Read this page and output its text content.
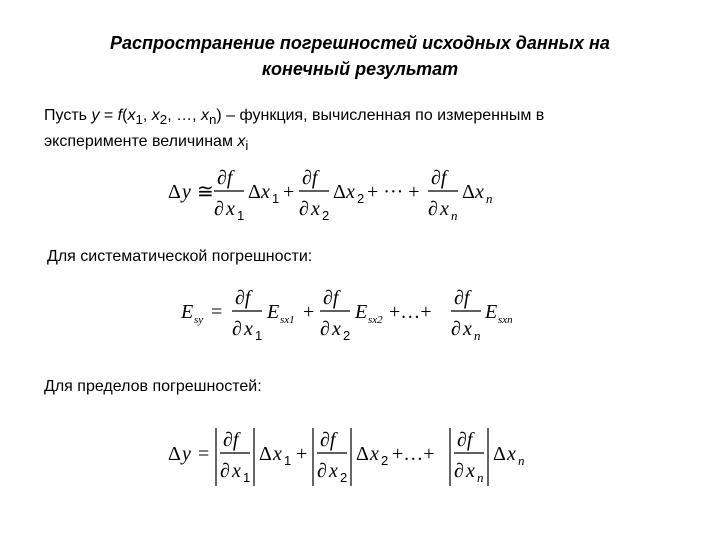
Распространение погрешностей исходных данных на
конечный результат
Пусть $y = f(x_1$, $x_2$, …, $x_n$) – функция, вычисленная по измеренным в
эксперименте величинам $x_i$
Δ y ≅
∂f
∂ x 1
Δ x 1 +
∂f
∂ x 2
Δ x 2 + ··· +
∂f
∂ x n
Δ x n
Для систематической погрешности:
E sy =
∂f
∂ x 1
E sx1 +
∂f
∂ x 2
E sx2 +…+
∂f
∂ x n
E sxn
Для пределов погрешностей:
Δ y =
∂f
∂ x 1
Δ x 1 +
∂f
∂ x 2
Δ x 2 +…+
∂f
∂ x n
Δ x n
